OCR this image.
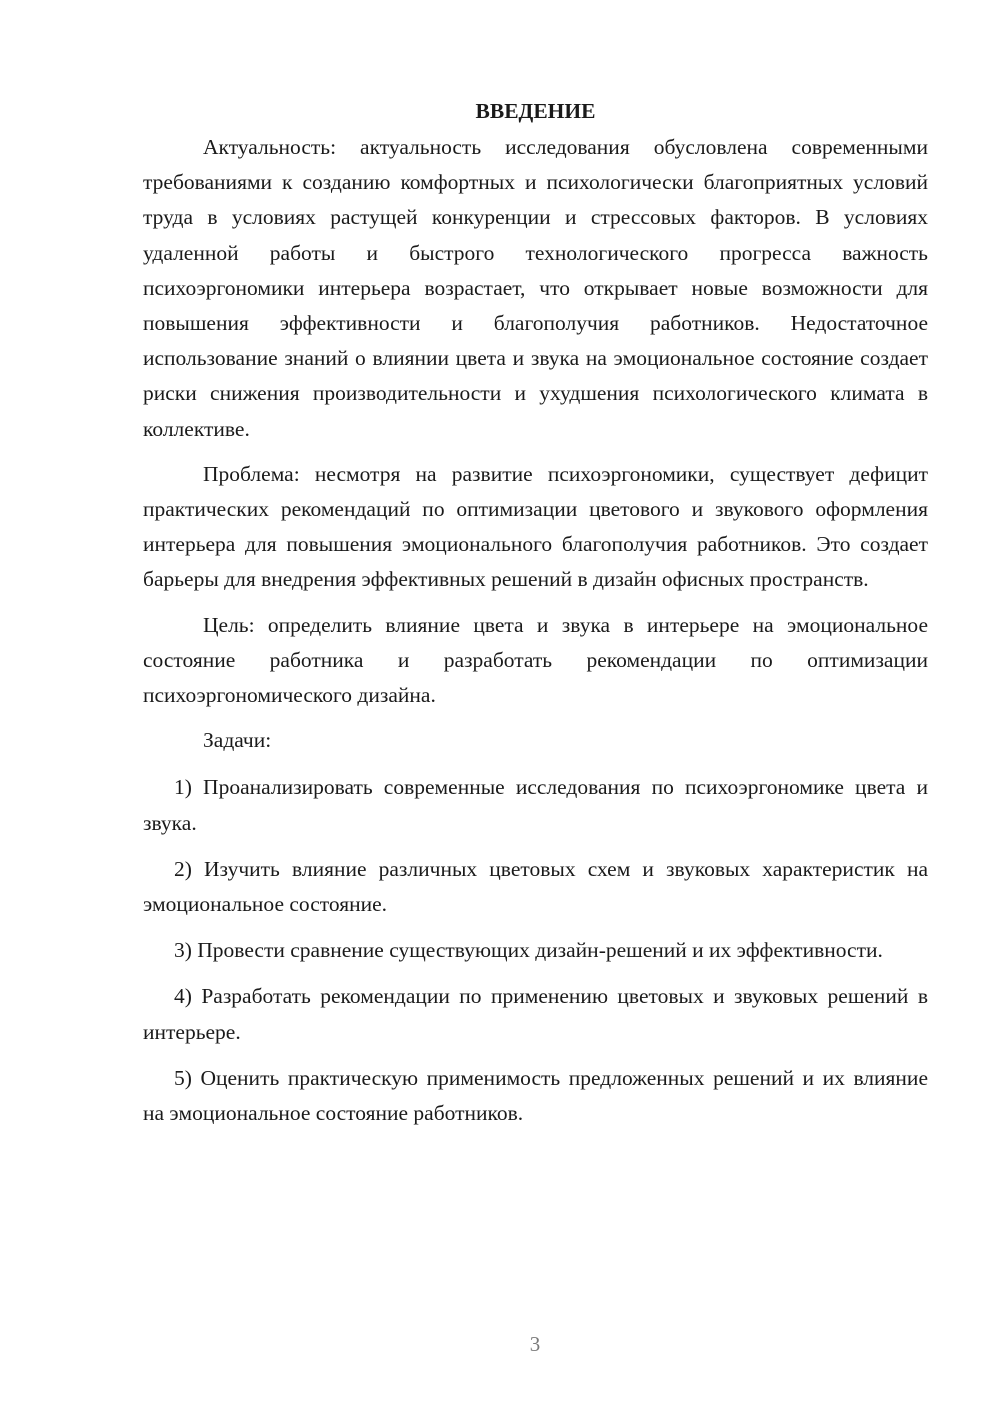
ВВЕДЕНИЕ

Актуальность: актуальность исследования обусловлена современными требованиями к созданию комфортных и психологически благоприятных условий труда в условиях растущей конкуренции и стрессовых факторов. В условиях удаленной работы и быстрого технологического прогресса важность психоэргономики интерьера возрастает, что открывает новые возможности для повышения эффективности и благополучия работников. Недостаточное использование знаний о влиянии цвета и звука на эмоциональное состояние создает риски снижения производительности и ухудшения психологического климата в коллективе.

Проблема: несмотря на развитие психоэргономики, существует дефицит практических рекомендаций по оптимизации цветового и звукового оформления интерьера для повышения эмоционального благополучия работников. Это создает барьеры для внедрения эффективных решений в дизайн офисных пространств.

Цель: определить влияние цвета и звука в интерьере на эмоциональное состояние работника и разработать рекомендации по оптимизации психоэргономического дизайна.

Задачи:

1) Проанализировать современные исследования по психоэргономике цвета и звука.

2) Изучить влияние различных цветовых схем и звуковых характеристик на эмоциональное состояние.

3) Провести сравнение существующих дизайн-решений и их эффективности.

4) Разработать рекомендации по применению цветовых и звуковых решений в интерьере.

5) Оценить практическую применимость предложенных решений и их влияние на эмоциональное состояние работников.

3
